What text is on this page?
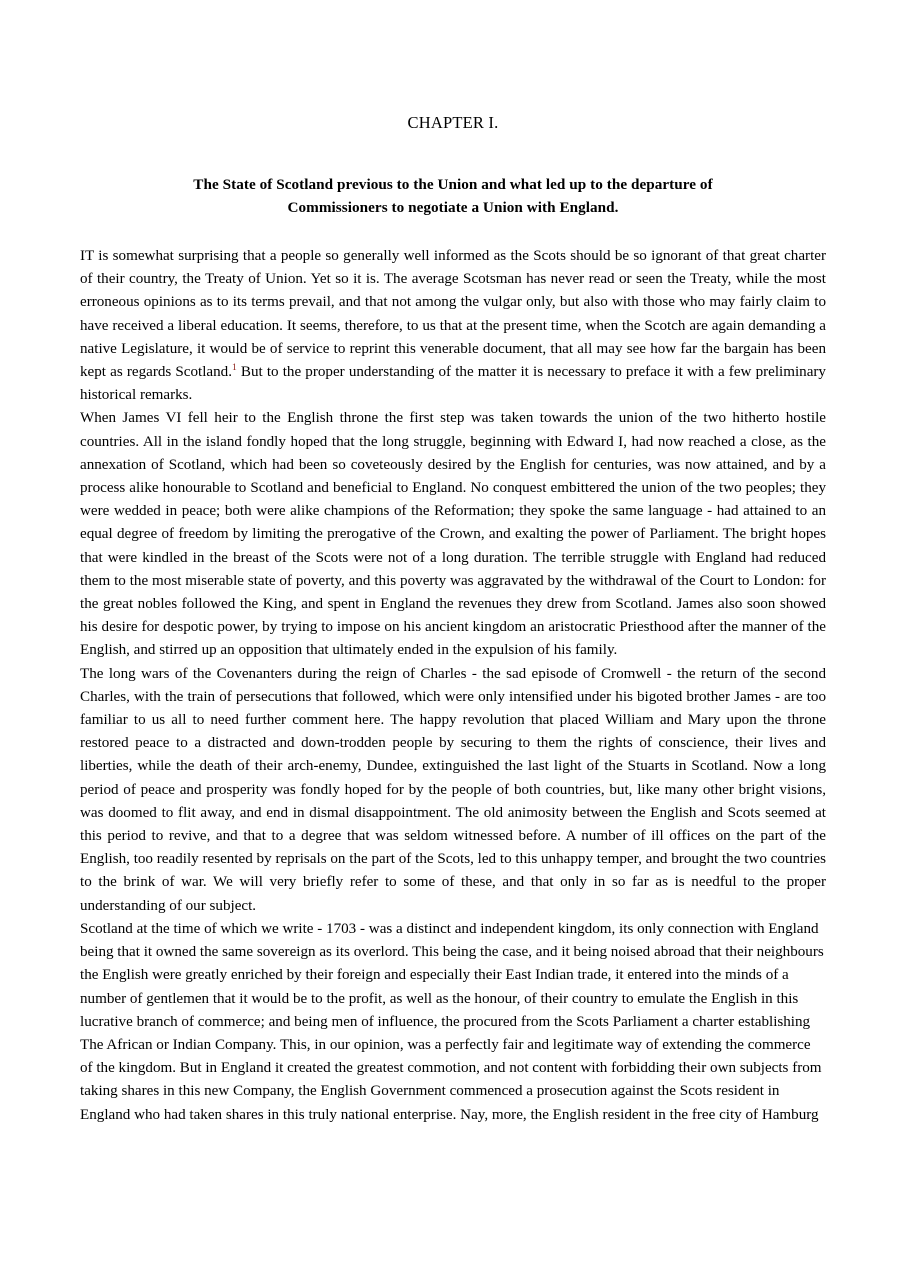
CHAPTER I.
The State of Scotland previous to the Union and what led up to the departure of
Commissioners to negotiate a Union with England.

IT is somewhat surprising that a people so generally well informed as the Scots should be so ignorant of that great charter of their country, the Treaty of Union. Yet so it is. The average Scotsman has never read or seen the Treaty, while the most erroneous opinions as to its terms prevail, and that not among the vulgar only, but also with those who may fairly claim to have received a liberal education. It seems, therefore, to us that at the present time, when the Scotch are again demanding a native Legislature, it would be of service to reprint this venerable document, that all may see how far the bargain has been kept as regards Scotland.$^1$ But to the proper understanding of the matter it is necessary to preface it with a few preliminary historical remarks.

When James VI fell heir to the English throne the first step was taken towards the union of the two hitherto hostile countries. All in the island fondly hoped that the long struggle, beginning with Edward I, had now reached a close, as the annexation of Scotland, which had been so coveteously desired by the English for centuries, was now attained, and by a process alike honourable to Scotland and beneficial to England. No conquest embittered the union of the two peoples; they were wedded in peace; both were alike champions of the Reformation; they spoke the same language - had attained to an equal degree of freedom by limiting the prerogative of the Crown, and exalting the power of Parliament. The bright hopes that were kindled in the breast of the Scots were not of a long duration. The terrible struggle with England had reduced them to the most miserable state of poverty, and this poverty was aggravated by the withdrawal of the Court to London: for the great nobles followed the King, and spent in England the revenues they drew from Scotland. James also soon showed his desire for despotic power, by trying to impose on his ancient kingdom an aristocratic Priesthood after the manner of the English, and stirred up an opposition that ultimately ended in the expulsion of his family.

The long wars of the Covenanters during the reign of Charles - the sad episode of Cromwell - the return of the second Charles, with the train of persecutions that followed, which were only intensified under his bigoted brother James - are too familiar to us all to need further comment here. The happy revolution that placed William and Mary upon the throne restored peace to a distracted and down-trodden people by securing to them the rights of conscience, their lives and liberties, while the death of their arch-enemy, Dundee, extinguished the last light of the Stuarts in Scotland. Now a long period of peace and prosperity was fondly hoped for by the people of both countries, but, like many other bright visions, was doomed to flit away, and end in dismal disappointment. The old animosity between the English and Scots seemed at this period to revive, and that to a degree that was seldom witnessed before. A number of ill offices on the part of the English, too readily resented by reprisals on the part of the Scots, led to this unhappy temper, and brought the two countries to the brink of war. We will very briefly refer to some of these, and that only in so far as is needful to the proper understanding of our subject.

Scotland at the time of which we write - 1703 - was a distinct and independent kingdom, its only connection with England being that it owned the same sovereign as its overlord. This being the case, and it being noised abroad that their neighbours the English were greatly enriched by their foreign and especially their East Indian trade, it entered into the minds of a number of gentlemen that it would be to the profit, as well as the honour, of their country to emulate the English in this lucrative branch of commerce; and being men of influence, the procured from the Scots Parliament a charter establishing The African or Indian Company. This, in our opinion, was a perfectly fair and legitimate way of extending the commerce of the kingdom. But in England it created the greatest commotion, and not content with forbidding their own subjects from taking shares in this new Company, the English Government commenced a prosecution against the Scots resident in England who had taken shares in this truly national enterprise. Nay, more, the English resident in the free city of Hamburg
